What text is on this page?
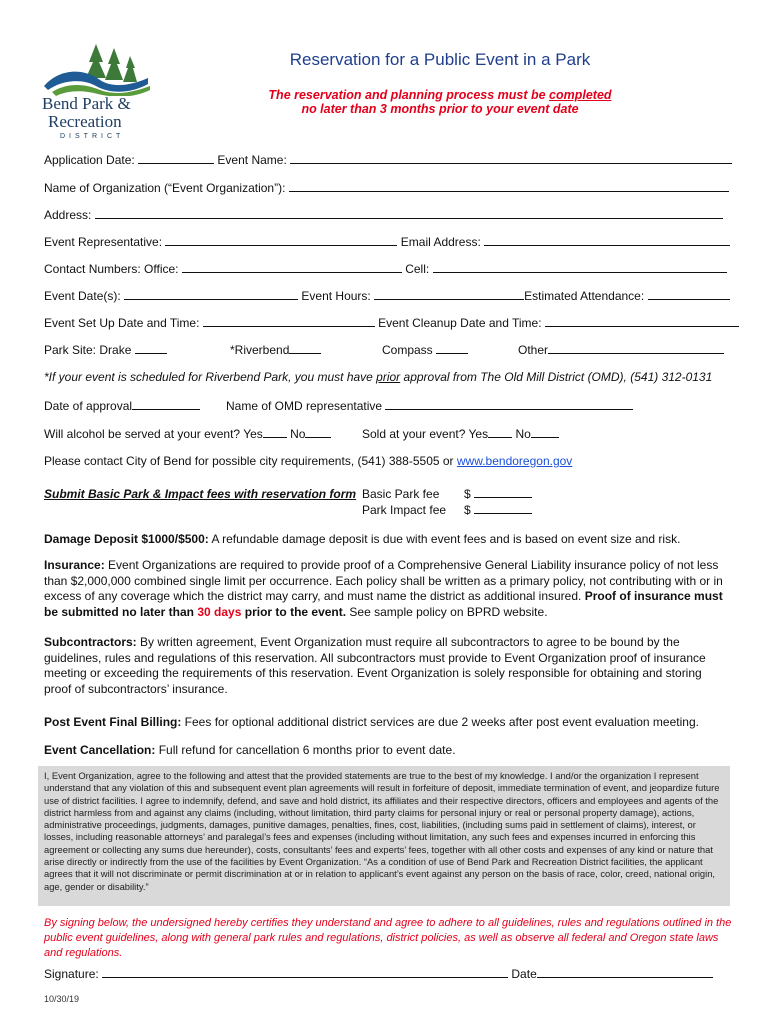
Bend Park &
Recreation
DISTRICT
Reservation for a Public Event in a Park
The reservation and planning process must be completed
no later than 3 months prior to your event date
Application Date:	Event Name:
Name of Organization (“Event Organization”):
Address:
Event Representative:	Email Address:
Contact Numbers: Office:	Cell:
Event Date(s):	Event Hours:	Estimated Attendance:
Event Set Up Date and Time:	Event Cleanup Date and Time:
Park Site: Drake	*Riverbend	Compass	Other
*If your event is scheduled for Riverbend Park, you must have prior approval from The Old Mill District (OMD), (541) 312-0131
Date of approval	Name of OMD representative
Will alcohol be served at your event? Yes No	Sold at your event? Yes No
Please contact City of Bend for possible city requirements, (541) 388-5505 or www.bendoregon.gov
Submit Basic Park & Impact fees with reservation form Basic Park fee $
Park Impact fee $
Damage Deposit $1000/$500: A refundable damage deposit is due with event fees and is based on event size and risk.
Insurance: Event Organizations are required to provide proof of a Comprehensive General Liability insurance policy of not less than $2,000,000 combined single limit per occurrence. Each policy shall be written as a primary policy, not contributing with or in excess of any coverage which the district may carry, and must name the district as additional insured. Proof of insurance must be submitted no later than 30 days prior to the event. See sample policy on BPRD website.
Subcontractors: By written agreement, Event Organization must require all subcontractors to agree to be bound by the guidelines, rules and regulations of this reservation. All subcontractors must provide to Event Organization proof of insurance meeting or exceeding the requirements of this reservation. Event Organization is solely responsible for obtaining and storing proof of subcontractors’ insurance.
Post Event Final Billing: Fees for optional additional district services are due 2 weeks after post event evaluation meeting.
Event Cancellation: Full refund for cancellation 6 months prior to event date.
I, Event Organization, agree to the following and attest that the provided statements are true to the best of my knowledge. I and/or the organization I represent understand that any violation of this and subsequent event plan agreements will result in forfeiture of deposit, immediate termination of event, and jeopardize future use of district facilities. I agree to indemnify, defend, and save and hold district, its affiliates and their respective directors, officers and employees and agents of the district harmless from and against any claims (including, without limitation, third party claims for personal injury or real or personal property damage), actions, administrative proceedings, judgments, damages, punitive damages, penalties, fines, cost, liabilities, (including sums paid in settlement of claims), interest, or losses, including reasonable attorneys’ and paralegal’s fees and expenses (including without limitation, any such fees and expenses incurred in enforcing this agreement or collecting any sums due hereunder), costs, consultants’ fees and experts’ fees, together with all other costs and expenses of any kind or nature that arise directly or indirectly from the use of the facilities by Event Organization. “As a condition of use of Bend Park and Recreation District facilities, the applicant agrees that it will not discriminate or permit discrimination at or in relation to applicant’s event against any person on the basis of race, color, creed, national origin, age, gender or disability.”
By signing below, the undersigned hereby certifies they understand and agree to adhere to all guidelines, rules and regulations outlined in the public event guidelines, along with general park rules and regulations, district policies, as well as observe all federal and Oregon state laws and regulations.
Signature:	Date
10/30/19
